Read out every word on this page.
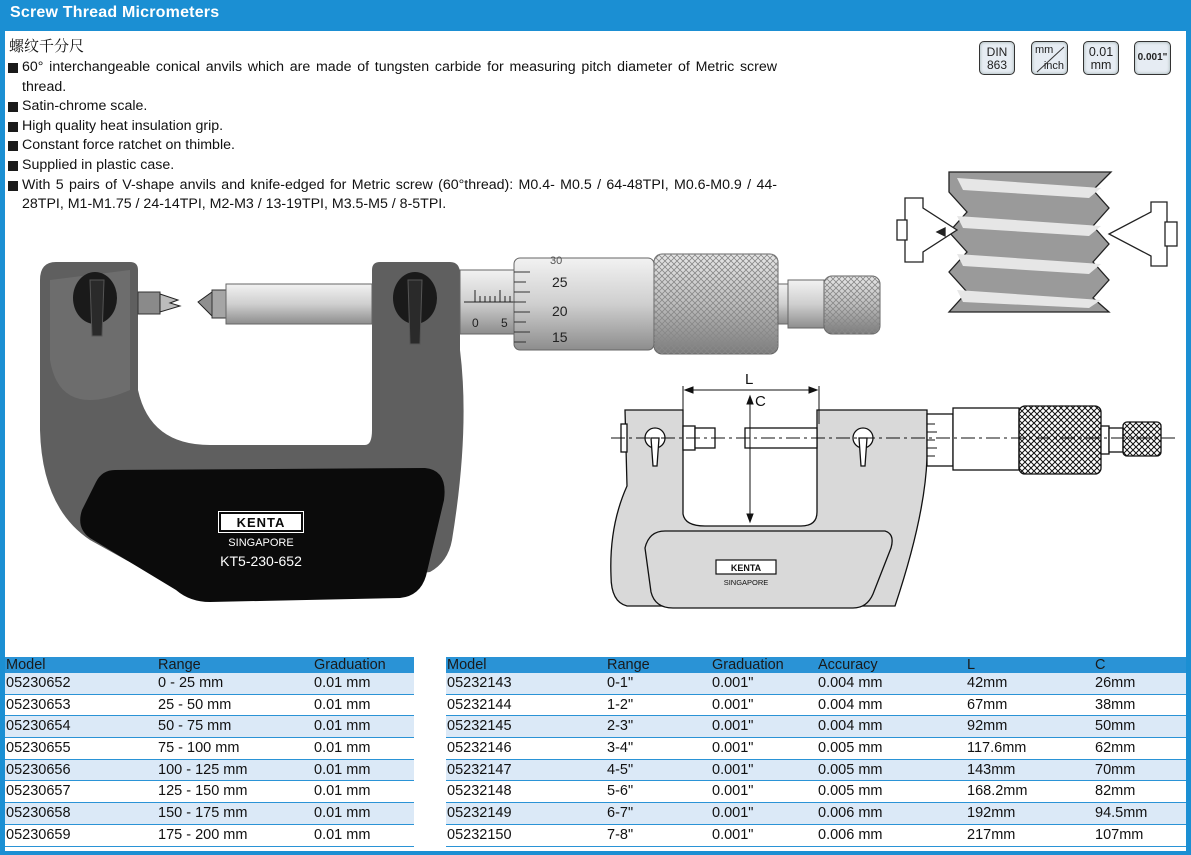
Screw Thread Micrometers
螺纹千分尺
60° interchangeable conical anvils which are made of tungsten carbide for measuring pitch diameter of Metric screw thread.
Satin-chrome scale.
High quality heat insulation grip.
Constant force ratchet on thimble.
Supplied in plastic case.
With 5 pairs of V-shape anvils and knife-edged for Metric screw (60°thread): M0.4- M0.5 / 64-48TPI, M0.6-M0.9 / 44-28TPI, M1-M1.75 / 24-14TPI, M2-M3 / 13-19TPI, M3.5-M5 / 8-5TPI.
DIN
863
mm
inch
0.01
mm
0.001"
0 5
30
25
20
15
KENTA
SINGAPORE
KT5-230-652
L
C
KENTA
SINGAPORE
Model	Range	Graduation
05230652	0 - 25 mm	0.01 mm
05230653	25 - 50 mm	0.01 mm
05230654	50 - 75 mm	0.01 mm
05230655	75 - 100 mm	0.01 mm
05230656	100 - 125 mm	0.01 mm
05230657	125 - 150 mm	0.01 mm
05230658	150 - 175 mm	0.01 mm
05230659	175 - 200 mm	0.01 mm
Model	Range	Graduation	Accuracy	L	C
05232143	0-1"	0.001"	0.004 mm	42mm	26mm
05232144	1-2"	0.001"	0.004 mm	67mm	38mm
05232145	2-3"	0.001"	0.004 mm	92mm	50mm
05232146	3-4"	0.001"	0.005 mm	117.6mm	62mm
05232147	4-5"	0.001"	0.005 mm	143mm	70mm
05232148	5-6"	0.001"	0.005 mm	168.2mm	82mm
05232149	6-7"	0.001"	0.006 mm	192mm	94.5mm
05232150	7-8"	0.001"	0.006 mm	217mm	107mm
